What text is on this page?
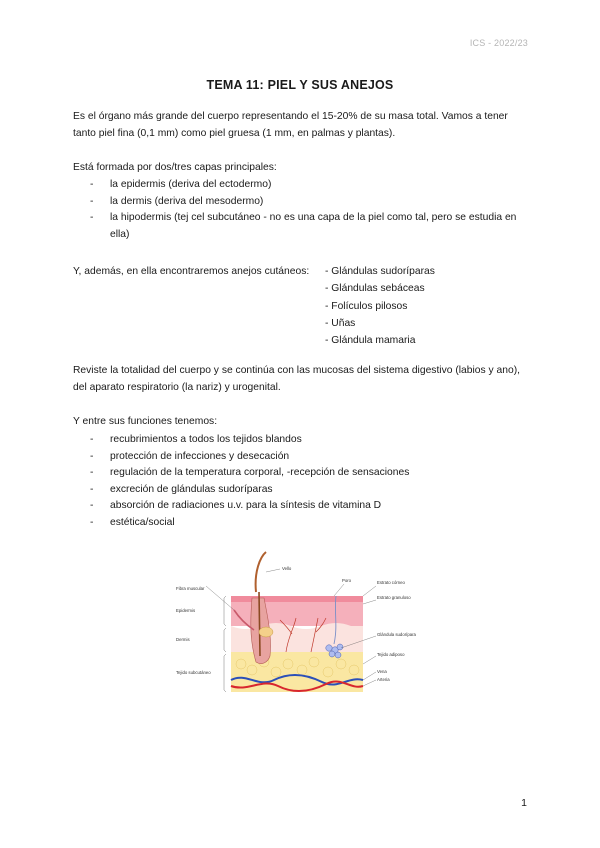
ICS - 2022/23
TEMA 11: PIEL Y SUS ANEJOS
Es el órgano más grande del cuerpo representando el 15-20% de su masa total. Vamos a tener tanto piel fina (0,1 mm) como piel gruesa (1 mm, en palmas y plantas).
Está formada por dos/tres capas principales:
- la epidermis (deriva del ectodermo)
- la dermis (deriva del mesodermo)
- la hipodermis (tej cel subcutáneo - no es una capa de la piel como tal, pero se estudia en ella)
Y, además, en ella encontraremos anejos cutáneos: - Glándulas sudoríparas
- Glándulas sebáceas
- Folículos pilosos
- Uñas
- Glándula mamaria
Reviste la totalidad del cuerpo y se continúa con las mucosas del sistema digestivo (labios y ano), del aparato respiratorio (la nariz) y urogenital.
Y entre sus funciones tenemos:
- recubrimientos a todos los tejidos blandos
- protección de infecciones y desecación
- regulación de la temperatura corporal, -recepción de sensaciones
- excreción de glándulas sudoríparas
- absorción de radiaciones u.v. para la síntesis de vitamina D
- estética/social
Fibra muscular
Epidermis
Dermis
Tejido subcutáneo
Vello
Poro	Estrato córneo
Estrato granuloso
Glándula sudorípara
Tejido adiposo
Vena
Arteria
1
